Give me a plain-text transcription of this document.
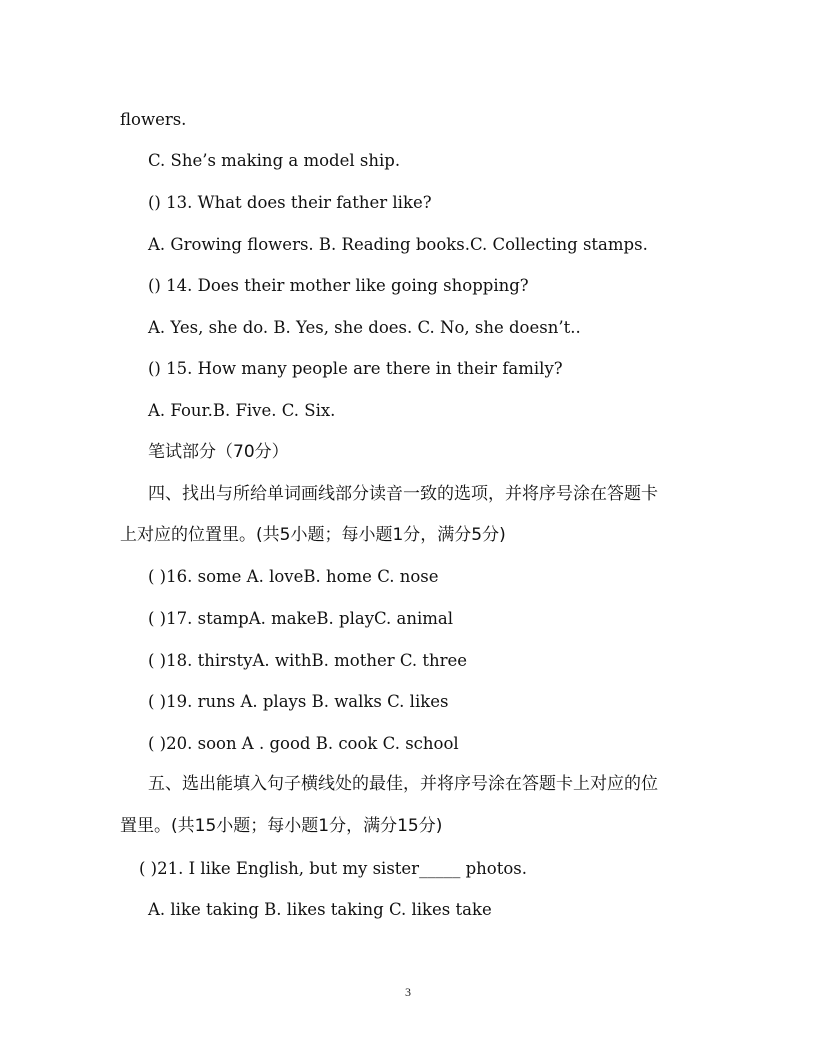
flowers.
C. She’s making a model ship.
() 13. What does their father like?
A. Growing flowers. B. Reading books.C. Collecting stamps.
() 14. Does their mother like going shopping?
A. Yes, she do. B. Yes, she does. C. No, she doesn’t..
() 15. How many people are there in their family?
A. Four.B. Five. C. Six.
笔试部分（70分）
四、找出与所给单词画线部分读音一致的选项，并将序号涂在答题卡
上对应的位置里。(共5小题；每小题1分，满分5分)
( )16. some A. loveB. home C. nose
( )17. stampA. makeB. playC. animal
( )18. thirstyA. withB. mother C. three
( )19. runs A. plays B. walks C. likes
( )20. soon A . good B. cook C. school
五、选出能填入句子横线处的最佳，并将序号涂在答题卡上对应的位
置里。(共15小题；每小题1分，满分15分)
( )21. I like English, but my sister_____ photos.
A. like taking B. likes taking C. likes take
3
